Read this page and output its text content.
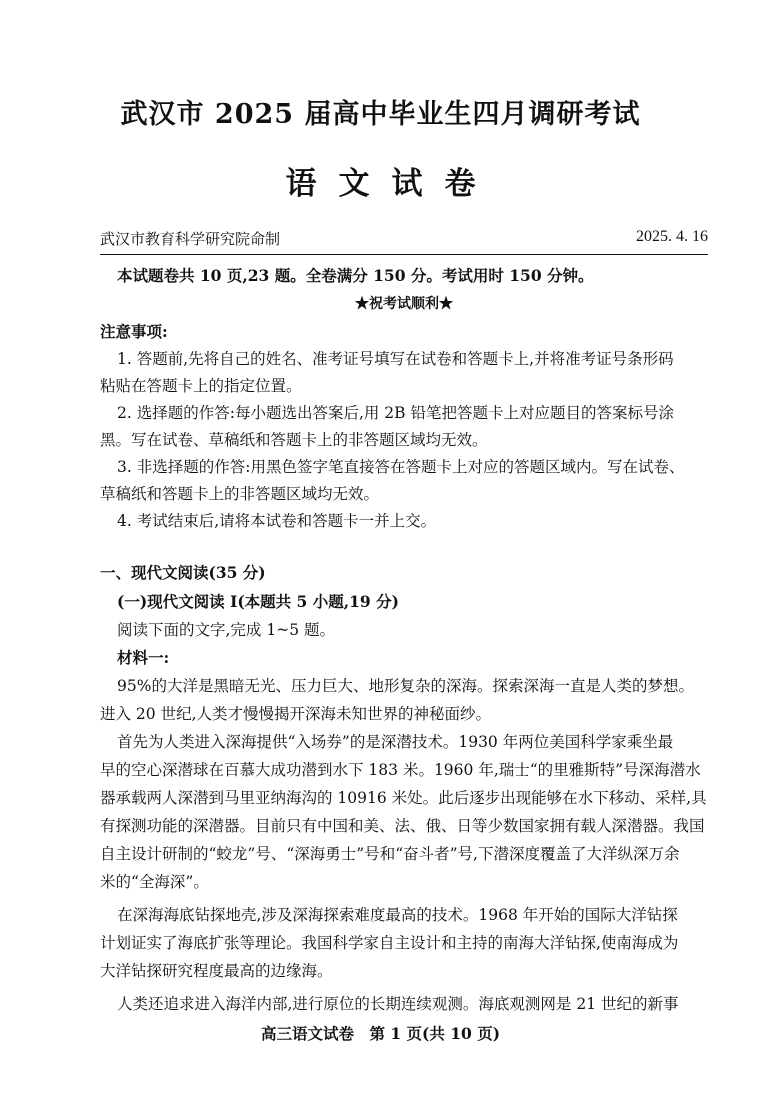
武汉市 2025 届高中毕业生四月调研考试
语文试卷
武汉市教育科学研究院命制	2025. 4. 16
本试题卷共 10 页,23 题。全卷满分 150 分。考试用时 150 分钟。
★祝考试顺利★
注意事项:
1. 答题前,先将自己的姓名、准考证号填写在试卷和答题卡上,并将准考证号条形码
粘贴在答题卡上的指定位置。
2. 选择题的作答:每小题选出答案后,用 2B 铅笔把答题卡上对应题目的答案标号涂
黑。写在试卷、草稿纸和答题卡上的非答题区域均无效。
3. 非选择题的作答:用黑色签字笔直接答在答题卡上对应的答题区域内。写在试卷、
草稿纸和答题卡上的非答题区域均无效。
4. 考试结束后,请将本试卷和答题卡一并上交。
一、现代文阅读(35 分)
(一)现代文阅读 I(本题共 5 小题,19 分)
阅读下面的文字,完成 1~5 题。
材料一:
95%的大洋是黑暗无光、压力巨大、地形复杂的深海。探索深海一直是人类的梦想。
进入 20 世纪,人类才慢慢揭开深海未知世界的神秘面纱。
首先为人类进入深海提供“入场券”的是深潜技术。1930 年两位美国科学家乘坐最
早的空心深潜球在百慕大成功潜到水下 183 米。1960 年,瑞士“的里雅斯特”号深海潜水
器承载两人深潜到马里亚纳海沟的 10916 米处。此后逐步出现能够在水下移动、采样,具
有探测功能的深潜器。目前只有中国和美、法、俄、日等少数国家拥有载人深潜器。我国
自主设计研制的“蛟龙”号、“深海勇士”号和“奋斗者”号,下潜深度覆盖了大洋纵深万余
米的“全海深”。
在深海海底钻探地壳,涉及深海探索难度最高的技术。1968 年开始的国际大洋钻探
计划证实了海底扩张等理论。我国科学家自主设计和主持的南海大洋钻探,使南海成为
大洋钻探研究程度最高的边缘海。
人类还追求进入海洋内部,进行原位的长期连续观测。海底观测网是 21 世纪的新事
高三语文试卷　第 1 页(共 10 页)
